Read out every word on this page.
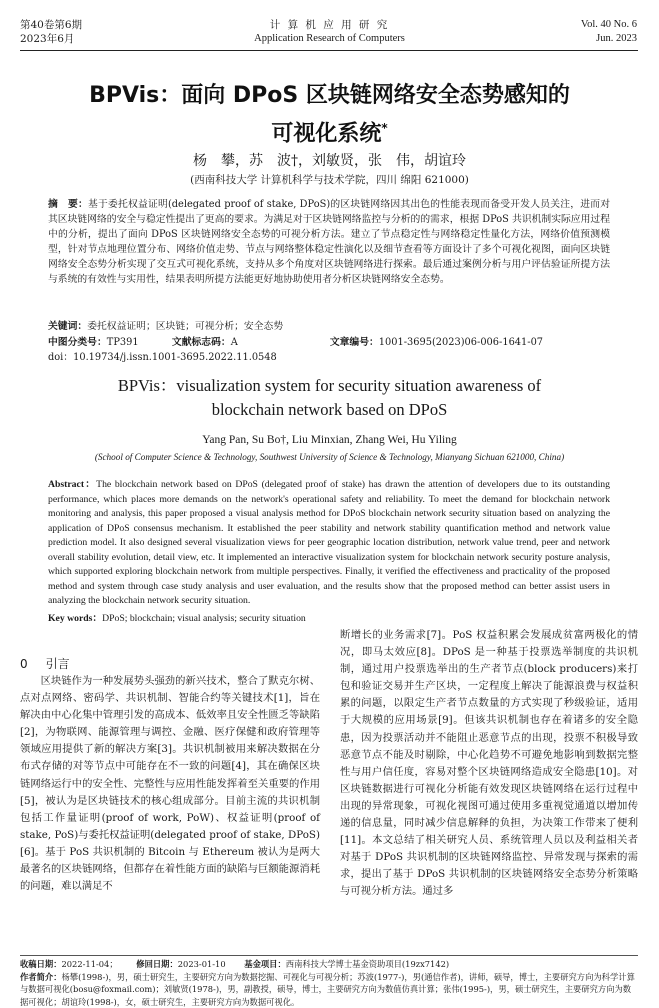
第40卷第6期
2023年6月
计 算 机 应 用 研 究
Application Research of Computers
Vol. 40 No. 6
Jun. 2023
BPVis：面向 DPoS 区块链网络安全态势感知的
可视化系统*
杨　攀，苏　波†，刘敏贤，张　伟，胡谊玲
(西南科技大学 计算机科学与技术学院，四川 绵阳 621000)
摘　要：基于委托权益证明(delegated proof of stake, DPoS)的区块链网络因其出色的性能表现而备受开发人员关注，进而对其区块链网络的安全与稳定性提出了更高的要求。为满足对于区块链网络监控与分析的的需求，根据 DPoS 共识机制实际应用过程中的分析，提出了面向 DPoS 区块链网络安全态势的可视分析方法。建立了节点稳定性与网络稳定性量化方法，网络价值预测模型，针对节点地理位置分布、网络价值走势、节点与网络整体稳定性演化以及细节查看等方面设计了多个可视化视图，面向区块链网络安全态势分析实现了交互式可视化系统，支持从多个角度对区块链网络进行探索。最后通过案例分析与用户评估验证所提方法与系统的有效性与实用性，结果表明所提方法能更好地协助使用者分析区块链网络安全态势。
关键词：委托权益证明；区块链；可视分析；安全态势
中图分类号：TP391	文献标志码：A	文章编号：1001-3695(2023)06-006-1641-07
doi：10.19734/j.issn.1001-3695.2022.11.0548
BPVis：visualization system for security situation awareness of
blockchain network based on DPoS
Yang Pan, Su Bo†, Liu Minxian, Zhang Wei, Hu Yiling
(School of Computer Science & Technology, Southwest University of Science & Technology, Mianyang Sichuan 621000, China)
Abstract：The blockchain network based on DPoS (delegated proof of stake) has drawn the attention of developers due to its outstanding performance, which places more demands on the network's operational safety and reliability. To meet the demand for blockchain network monitoring and analysis, this paper proposed a visual analysis method for DPoS blockchain network security situation based on analyzing the application of DPoS consensus mechanism. It established the peer stability and network stability quantification method and network value prediction model. It also designed several visualization views for peer geographic location distribution, network value trend, peer and network overall stability evolution, detail view, etc. It implemented an interactive visualization system for blockchain network security posture analysis, which supported exploring blockchain network from multiple perspectives. Finally, it verified the effectiveness and practicality of the proposed method and system through case study analysis and user evaluation, and the results show that the proposed method can better assist users in analyzing the blockchain network security situation.
Key words：DPoS; blockchain; visual analysis; security situation
0 引言

区块链作为一种发展势头强劲的新兴技术，整合了默克尔树、点对点网络、密码学、共识机制、智能合约等关键技术[1]，旨在解决由中心化集中管理引发的高成本、低效率且安全性匮乏等缺陷[2]，为物联网、能源管理与调控、金融、医疗保健和政府管理等领域应用提供了新的解决方案[3]。共识机制被用来解决数据在分布式存储的对等节点中可能存在不一致的问题[4]，其在确保区块链网络运行中的安全性、完整性与应用性能发挥着至关重要的作用[5]，被认为是区块链技术的核心组成部分。目前主流的共识机制包括工作量证明(proof of work, PoW)、权益证明(proof of stake, PoS)与委托权益证明(delegated proof of stake, DPoS)[6]。基于 PoS 共识机制的 Bitcoin 与 Ethereum 被认为是两大最著名的区块链网络，但都存在着性能方面的缺陷与巨额能源消耗的问题，难以满足不

断增长的业务需求[7]。PoS 权益积累会发展成贫富两极化的情况，即马太效应[8]。DPoS 是一种基于投票选举制度的共识机制，通过用户投票选举出的生产者节点(block producers)来打包和验证交易并生产区块，一定程度上解决了能源浪费与权益积累的问题，以限定生产者节点数量的方式实现了秒级验证，适用于大规模的应用场景[9]。但该共识机制也存在着诸多的安全隐患，因为投票活动并不能阻止恶意节点的出现，投票不积极导致恶意节点不能及时剔除，中心化趋势不可避免地影响到数据完整性与用户信任度，容易对整个区块链网络造成安全隐患[10]。对区块链数据进行可视化分析能有效发现区块链网络在运行过程中出现的异常现象，可视化视图可通过使用多重视觉通道以增加传递的信息量，同时减少信息解释的负担，为决策工作带来了便利[11]。本文总结了相关研究人员、系统管理人员以及利益相关者对基于 DPoS 共识机制的区块链网络监控、异常发现与探索的需求，提出了基于 DPoS 共识机制的区块链网络安全态势分析策略与可视分析方法。通过多

收稿日期：2022-11-04； 修回日期：2023-01-10 基金项目：西南科技大学博士基金资助项目(19zx7142)
作者简介：杨攀(1998-)，男，硕士研究生，主要研究方向为数据挖掘、可视化与可视分析；苏波(1977-)，男(通信作者)，讲师，硕导，博士，主要研究方向为科学计算与数据可视化(bosu@foxmail.com)；刘敏贤(1978-)，男，副教授，硕导，博士，主要研究方向为数值仿真计算；张伟(1995-)，男，硕士研究生，主要研究方向为数据可视化；胡谊玲(1998-)，女，硕士研究生，主要研究方向为数据可视化。
